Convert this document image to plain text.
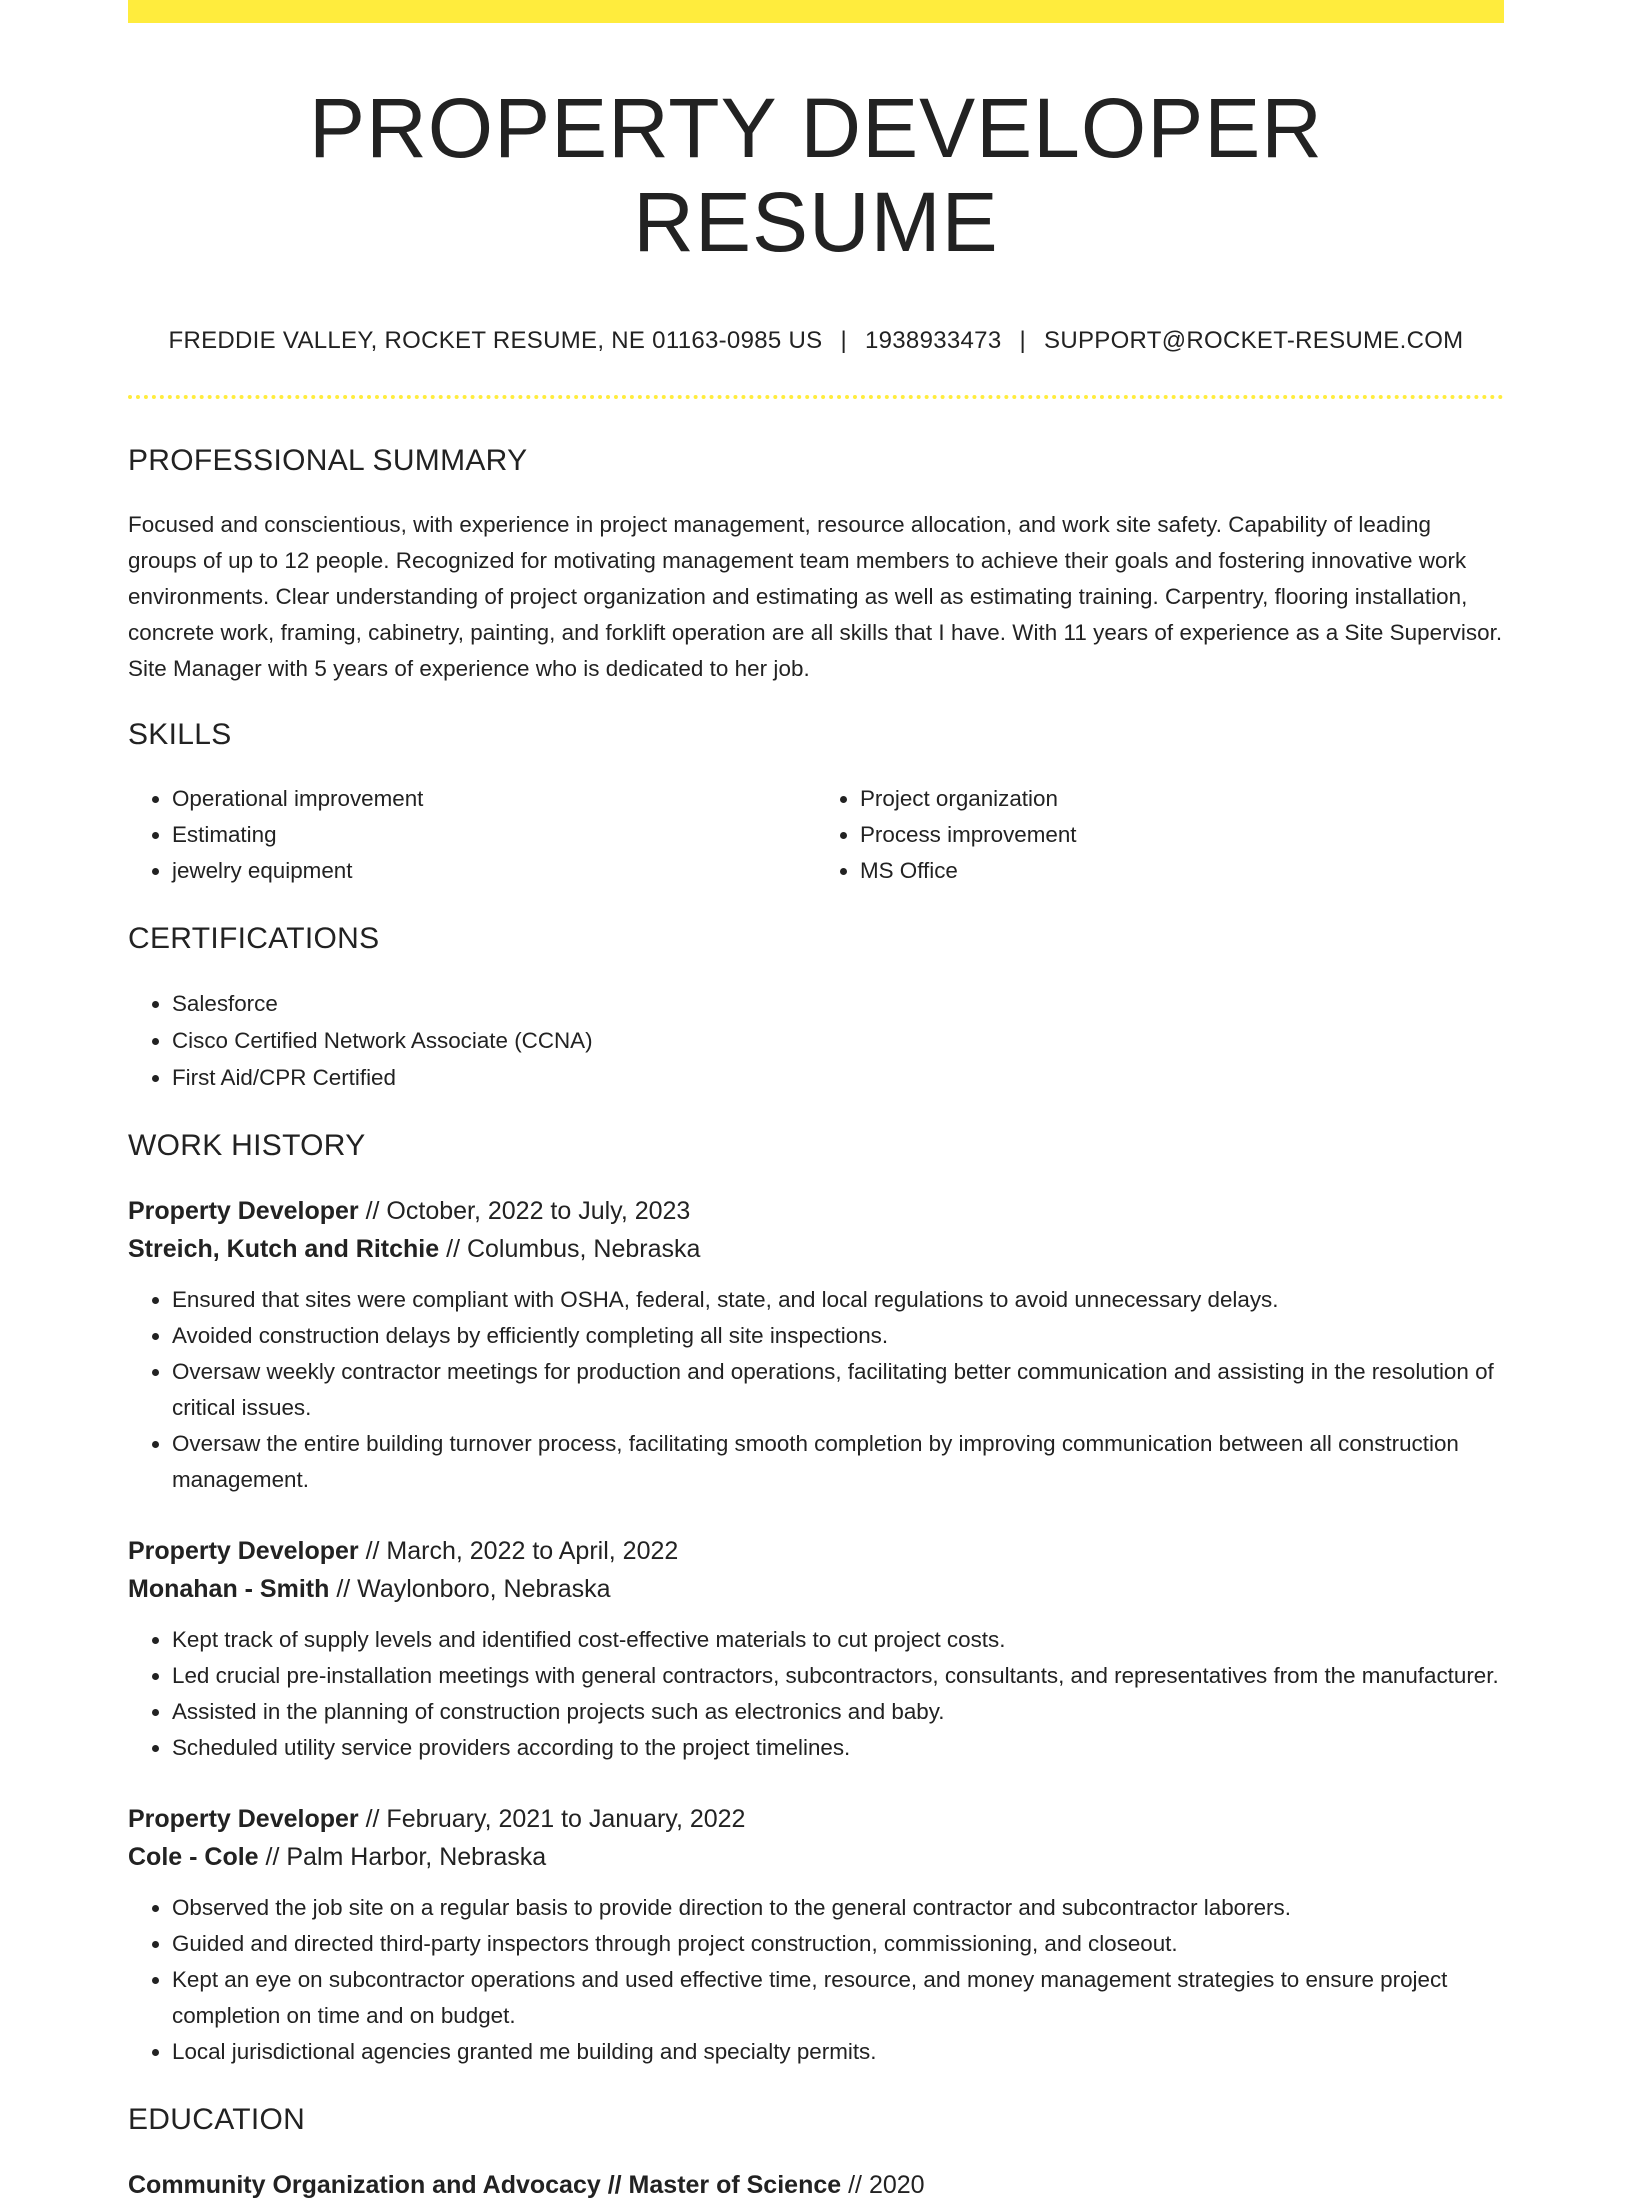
PROPERTY DEVELOPER RESUME
FREDDIE VALLEY, ROCKET RESUME, NE 01163-0985 US | 1938933473 | SUPPORT@ROCKET-RESUME.COM
PROFESSIONAL SUMMARY
Focused and conscientious, with experience in project management, resource allocation, and work site safety. Capability of leading groups of up to 12 people. Recognized for motivating management team members to achieve their goals and fostering innovative work environments. Clear understanding of project organization and estimating as well as estimating training. Carpentry, flooring installation, concrete work, framing, cabinetry, painting, and forklift operation are all skills that I have. With 11 years of experience as a Site Supervisor. Site Manager with 5 years of experience who is dedicated to her job.
SKILLS
• Operational improvement
• Estimating
• jewelry equipment
• Project organization
• Process improvement
• MS Office
CERTIFICATIONS
• Salesforce
• Cisco Certified Network Associate (CCNA)
• First Aid/CPR Certified
WORK HISTORY
Property Developer // October, 2022 to July, 2023
Streich, Kutch and Ritchie // Columbus, Nebraska
• Ensured that sites were compliant with OSHA, federal, state, and local regulations to avoid unnecessary delays.
• Avoided construction delays by efficiently completing all site inspections.
• Oversaw weekly contractor meetings for production and operations, facilitating better communication and assisting in the resolution of critical issues.
• Oversaw the entire building turnover process, facilitating smooth completion by improving communication between all construction management.
Property Developer // March, 2022 to April, 2022
Monahan - Smith // Waylonboro, Nebraska
• Kept track of supply levels and identified cost-effective materials to cut project costs.
• Led crucial pre-installation meetings with general contractors, subcontractors, consultants, and representatives from the manufacturer.
• Assisted in the planning of construction projects such as electronics and baby.
• Scheduled utility service providers according to the project timelines.
Property Developer // February, 2021 to January, 2022
Cole - Cole // Palm Harbor, Nebraska
• Observed the job site on a regular basis to provide direction to the general contractor and subcontractor laborers.
• Guided and directed third-party inspectors through project construction, commissioning, and closeout.
• Kept an eye on subcontractor operations and used effective time, resource, and money management strategies to ensure project completion on time and on budget.
• Local jurisdictional agencies granted me building and specialty permits.
EDUCATION
Community Organization and Advocacy // Master of Science // 2020
